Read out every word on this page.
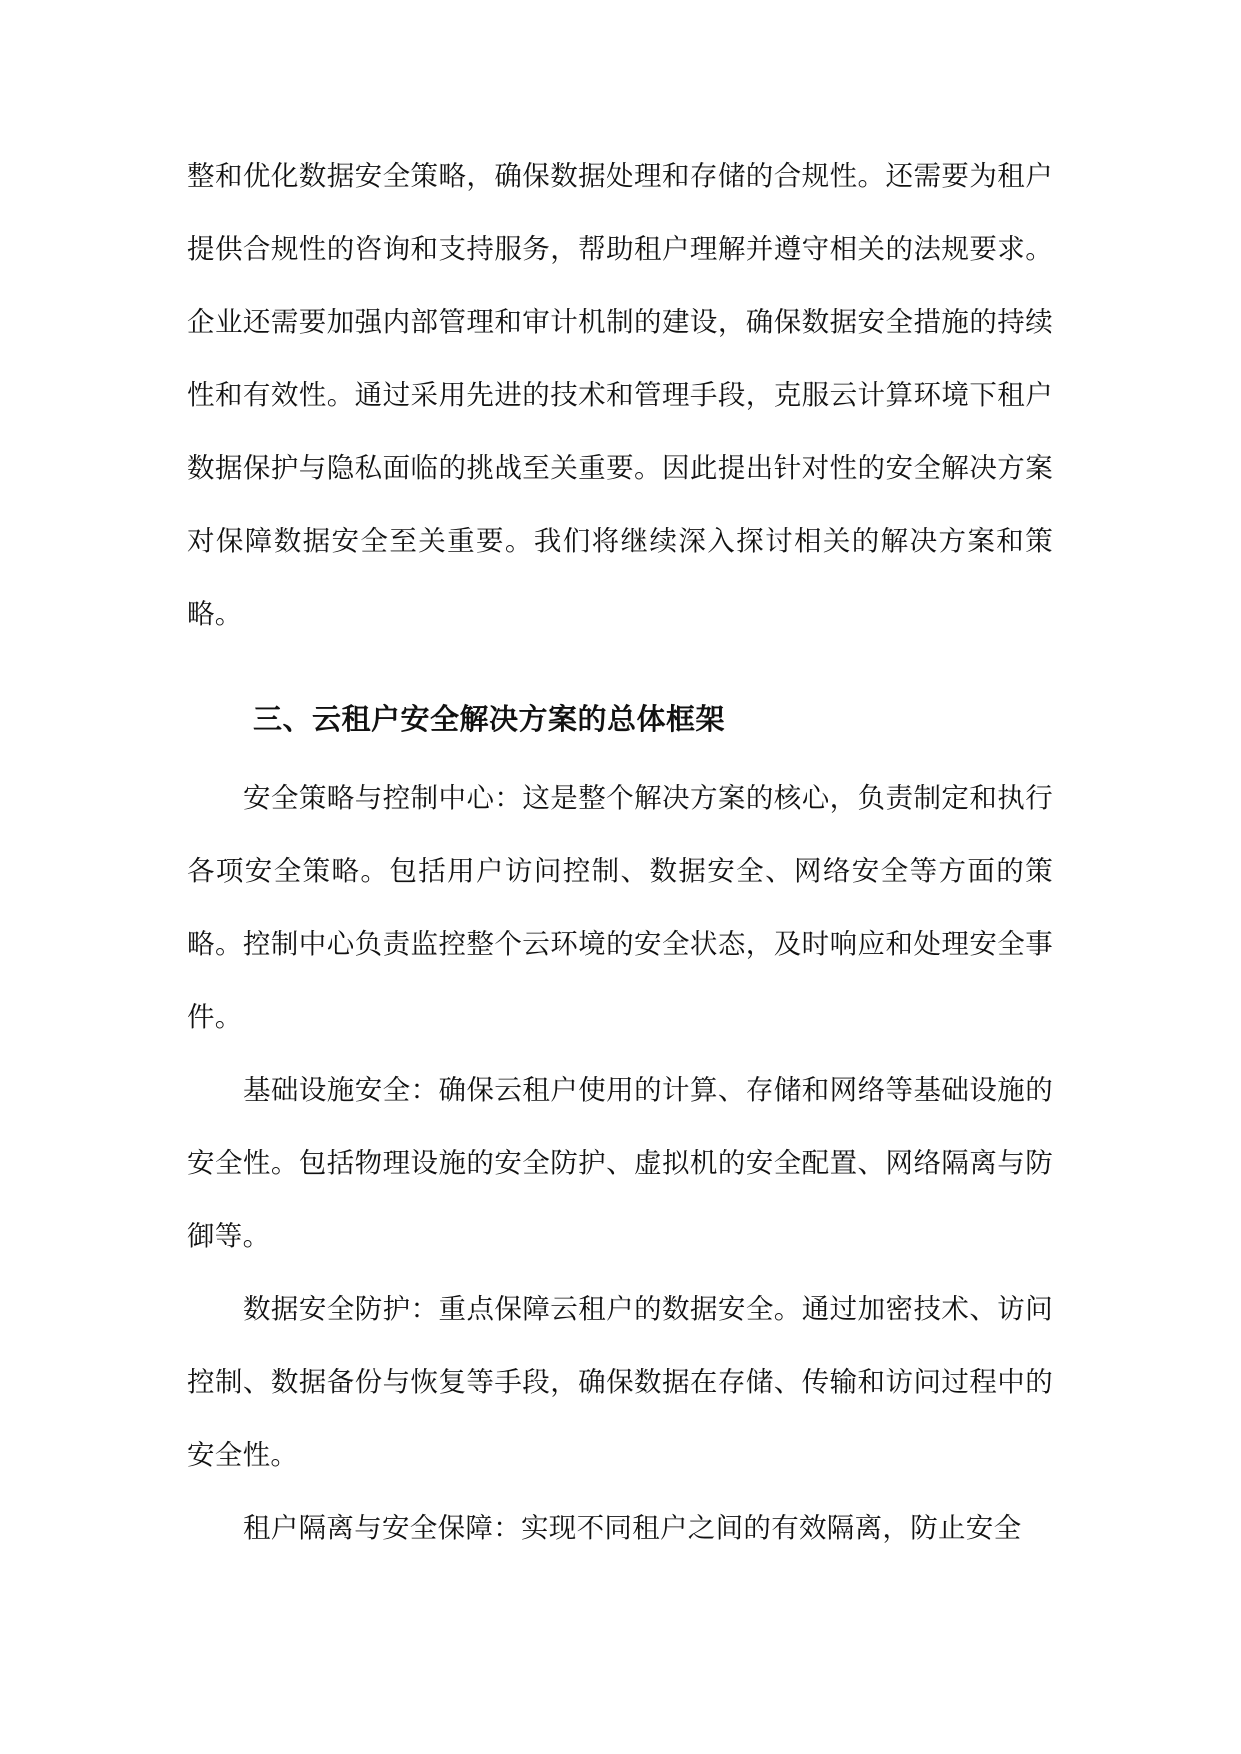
整和优化数据安全策略，确保数据处理和存储的合规性。还需要为租户提供合规性的咨询和支持服务，帮助租户理解并遵守相关的法规要求。企业还需要加强内部管理和审计机制的建设，确保数据安全措施的持续性和有效性。通过采用先进的技术和管理手段，克服云计算环境下租户数据保护与隐私面临的挑战至关重要。因此提出针对性的安全解决方案对保障数据安全至关重要。我们将继续深入探讨相关的解决方案和策略。

三、云租户安全解决方案的总体框架

安全策略与控制中心：这是整个解决方案的核心，负责制定和执行各项安全策略。包括用户访问控制、数据安全、网络安全等方面的策略。控制中心负责监控整个云环境的安全状态，及时响应和处理安全事件。

基础设施安全：确保云租户使用的计算、存储和网络等基础设施的安全性。包括物理设施的安全防护、虚拟机的安全配置、网络隔离与防御等。

数据安全防护：重点保障云租户的数据安全。通过加密技术、访问控制、数据备份与恢复等手段，确保数据在存储、传输和访问过程中的安全性。

租户隔离与安全保障：实现不同租户之间的有效隔离，防止安全
